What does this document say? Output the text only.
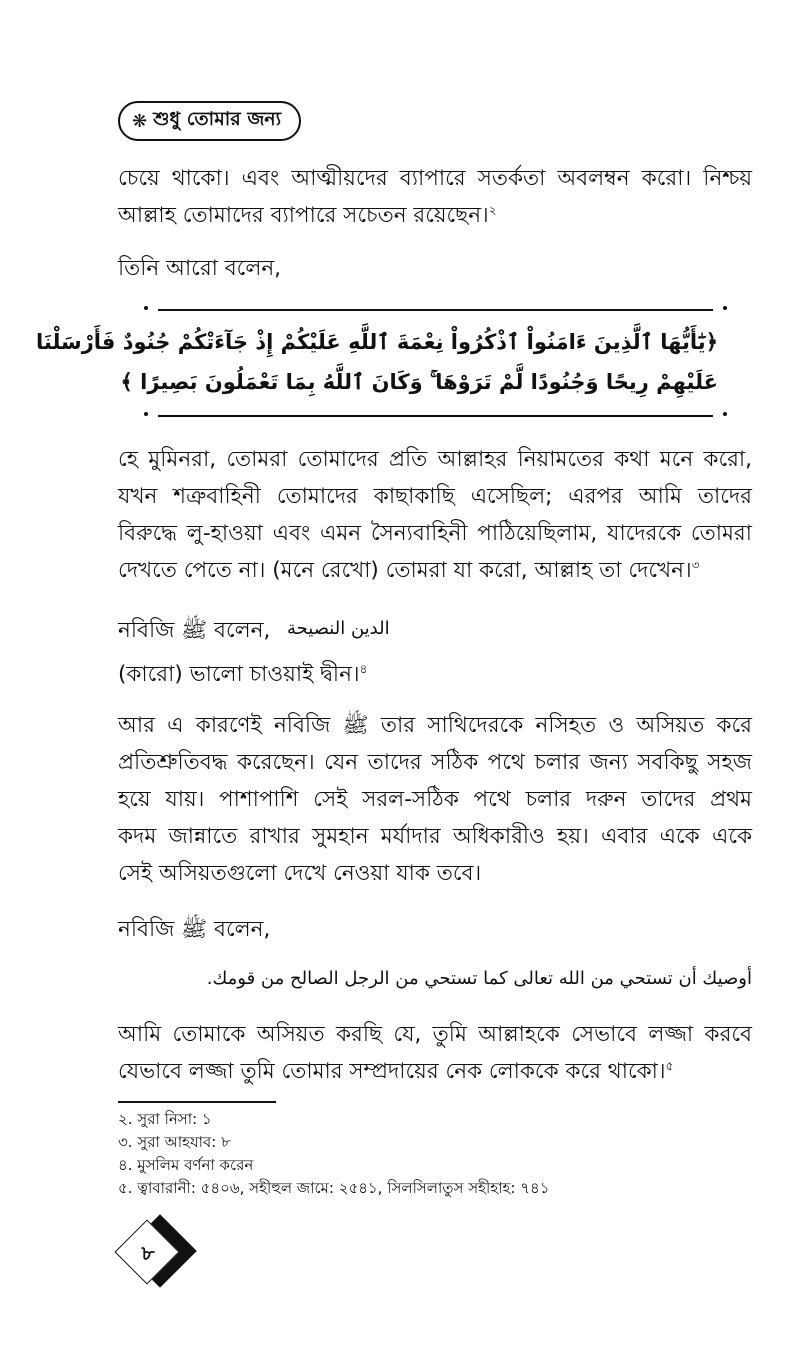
❋ শুধু তোমার জন্য

চেয়ে থাকো। এবং আত্মীয়দের ব্যাপারে সতর্কতা অবলম্বন করো। নিশ্চয়
আল্লাহ তোমাদের ব্যাপারে সচেতন রয়েছেন।$^২$

তিনি আরো বলেন,

﴿يَٰٓأَيُّهَا ٱلَّذِينَ ءَامَنُواْ ٱذْكُرُواْ نِعْمَةَ ٱللَّهِ عَلَيْكُمْ إِذْ جَآءَتْكُمْ جُنُودٌ فَأَرْسَلْنَا
عَلَيْهِمْ رِيحًا وَجُنُودًا لَّمْ تَرَوْهَا ۚ وَكَانَ ٱللَّهُ بِمَا تَعْمَلُونَ بَصِيرًا ﴾

হে মুমিনরা, তোমরা তোমাদের প্রতি আল্লাহর নিয়ামতের কথা মনে করো,
যখন শত্রুবাহিনী তোমাদের কাছাকাছি এসেছিল; এরপর আমি তাদের
বিরুদ্ধে লু-হাওয়া এবং এমন সৈন্যবাহিনী পাঠিয়েছিলাম, যাদেরকে তোমরা
দেখতে পেতে না। (মনে রেখো) তোমরা যা করো, আল্লাহ তা দেখেন।$^৩$

নবিজি ﷺ বলেন, الدين النصيحة

(কারো) ভালো চাওয়াই দ্বীন।$^৪$

আর এ কারণেই নবিজি ﷺ তার সাথিদেরকে নসিহত ও অসিয়ত করে
প্রতিশ্রুতিবদ্ধ করেছেন। যেন তাদের সঠিক পথে চলার জন্য সবকিছু সহজ
হয়ে যায়। পাশাপাশি সেই সরল-সঠিক পথে চলার দরুন তাদের প্রথম
কদম জান্নাতে রাখার সুমহান মর্যাদার অধিকারীও হয়। এবার একে একে
সেই অসিয়তগুলো দেখে নেওয়া যাক তবে।

নবিজি ﷺ বলেন,

أوصيك أن تستحي من الله تعالى كما تستحي من الرجل الصالح من قومك.

আমি তোমাকে অসিয়ত করছি যে, তুমি আল্লাহকে সেভাবে লজ্জা করবে
যেভাবে লজ্জা তুমি তোমার সম্প্রদায়ের নেক লোককে করে থাকো।$^৫$

২. সুরা নিসা: ১
৩. সুরা আহযাব: ৮
৪. মুসলিম বর্ণনা করেন
৫. ত্বাবারানী: ৫৪০৬, সহীহুল জামে: ২৫৪১, সিলসিলাতুস সহীহাহ: ৭৪১
৮
